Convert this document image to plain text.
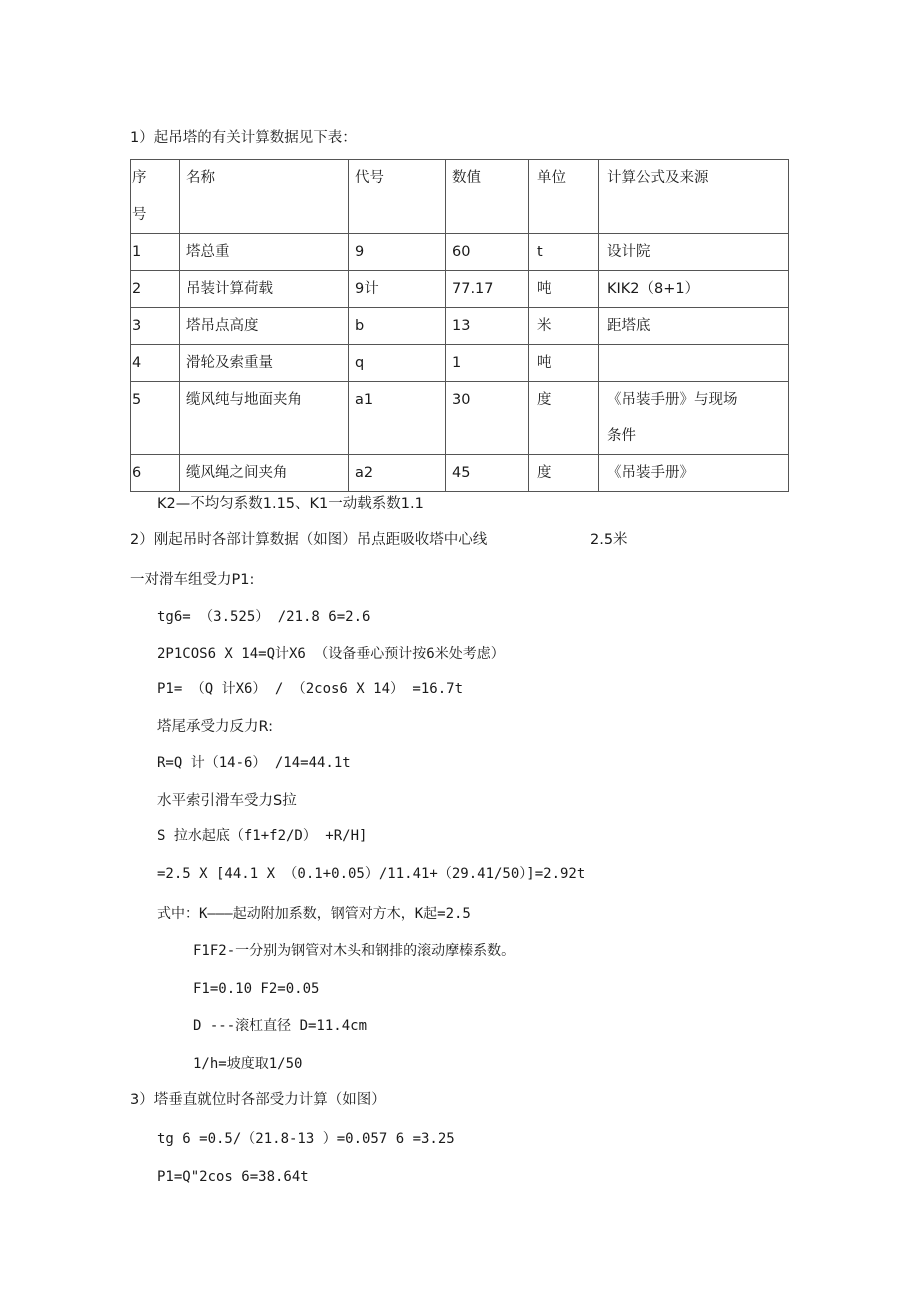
1）起吊塔的有关计算数据见下表：
序
号	名称	代号	数值	单位	计算公式及来源
1	塔总重	9	60	t	设计院
2	吊装计算荷载	9计	77.17	吨	KIK2（8+1）
3	塔吊点高度	b	13	米	距塔底
4	滑轮及索重量	q	1	吨	
5	缆风纯与地面夹角	a1	30	度	《吊装手册》与现场
条件

6	缆风绳之间夹角	a2	45	度	《吊装手册》
K2—不均匀系数1.15、K1一动载系数1.1
2）刚起吊时各部计算数据（如图）吊点距吸收塔中心线	2.5米
一对滑车组受力P1:
tg6= （3.525） /21.8 6=2.6
2P1COS6 X 14=Q计X6 （设备垂心预计按6米处考虑）
P1= （Q 计X6） / （2cos6 X 14） =16.7t
塔尾承受力反力R:
R=Q 计（14-6） /14=44.1t
水平索引滑车受力S拉
S 拉水起底（f1+f2/D） +R/H]
=2.5 X [44.1 X （0.1+0.05）/11.41+（29.41/50）]=2.92t
式中：K———起动附加系数，钢管对方木，K起=2.5
F1F2-一分别为钢管对木头和钢排的滚动摩榛系数。
F1=0.10 F2=0.05
D ---滚杠直径 D=11.4cm
1/h=坡度取1/50
3）塔垂直就位时各部受力计算（如图）
tg 6 =0.5/（21.8-13 ）=0.057 6 =3.25
P1=Q"2cos 6=38.64t
